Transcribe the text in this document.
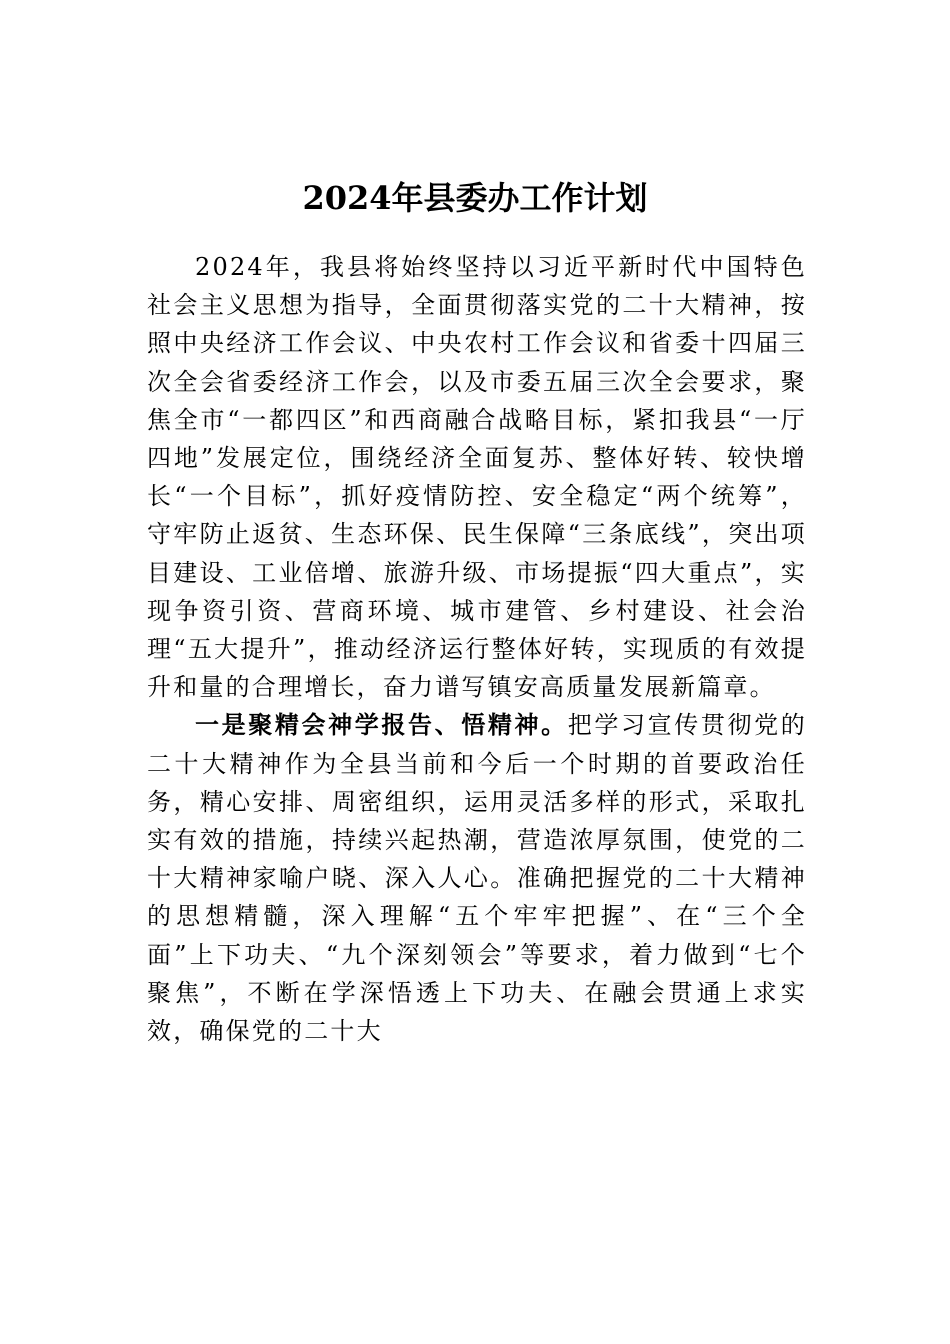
2024年县委办工作计划

2024年，我县将始终坚持以习近平新时代中国特色社会主义思想为指导，全面贯彻落实党的二十大精神，按照中央经济工作会议、中央农村工作会议和省委十四届三次全会省委经济工作会，以及市委五届三次全会要求，聚焦全市“一都四区”和西商融合战略目标，紧扣我县“一厅四地”发展定位，围绕经济全面复苏、整体好转、较快增长“一个目标”，抓好疫情防控、安全稳定“两个统筹”，守牢防止返贫、生态环保、民生保障“三条底线”，突出项目建设、工业倍增、旅游升级、市场提振“四大重点”，实现争资引资、营商环境、城市建管、乡村建设、社会治理“五大提升”，推动经济运行整体好转，实现质的有效提升和量的合理增长，奋力谱写镇安高质量发展新篇章。

一是聚精会神学报告、悟精神。把学习宣传贯彻党的二十大精神作为全县当前和今后一个时期的首要政治任务，精心安排、周密组织，运用灵活多样的形式，采取扎实有效的措施，持续兴起热潮，营造浓厚氛围，使党的二十大精神家喻户晓、深入人心。准确把握党的二十大精神的思想精髓，深入理解“五个牢牢把握”、在“三个全面”上下功夫、“九个深刻领会”等要求，着力做到“七个聚焦”，不断在学深悟透上下功夫、在融会贯通上求实效，确保党的二十大
